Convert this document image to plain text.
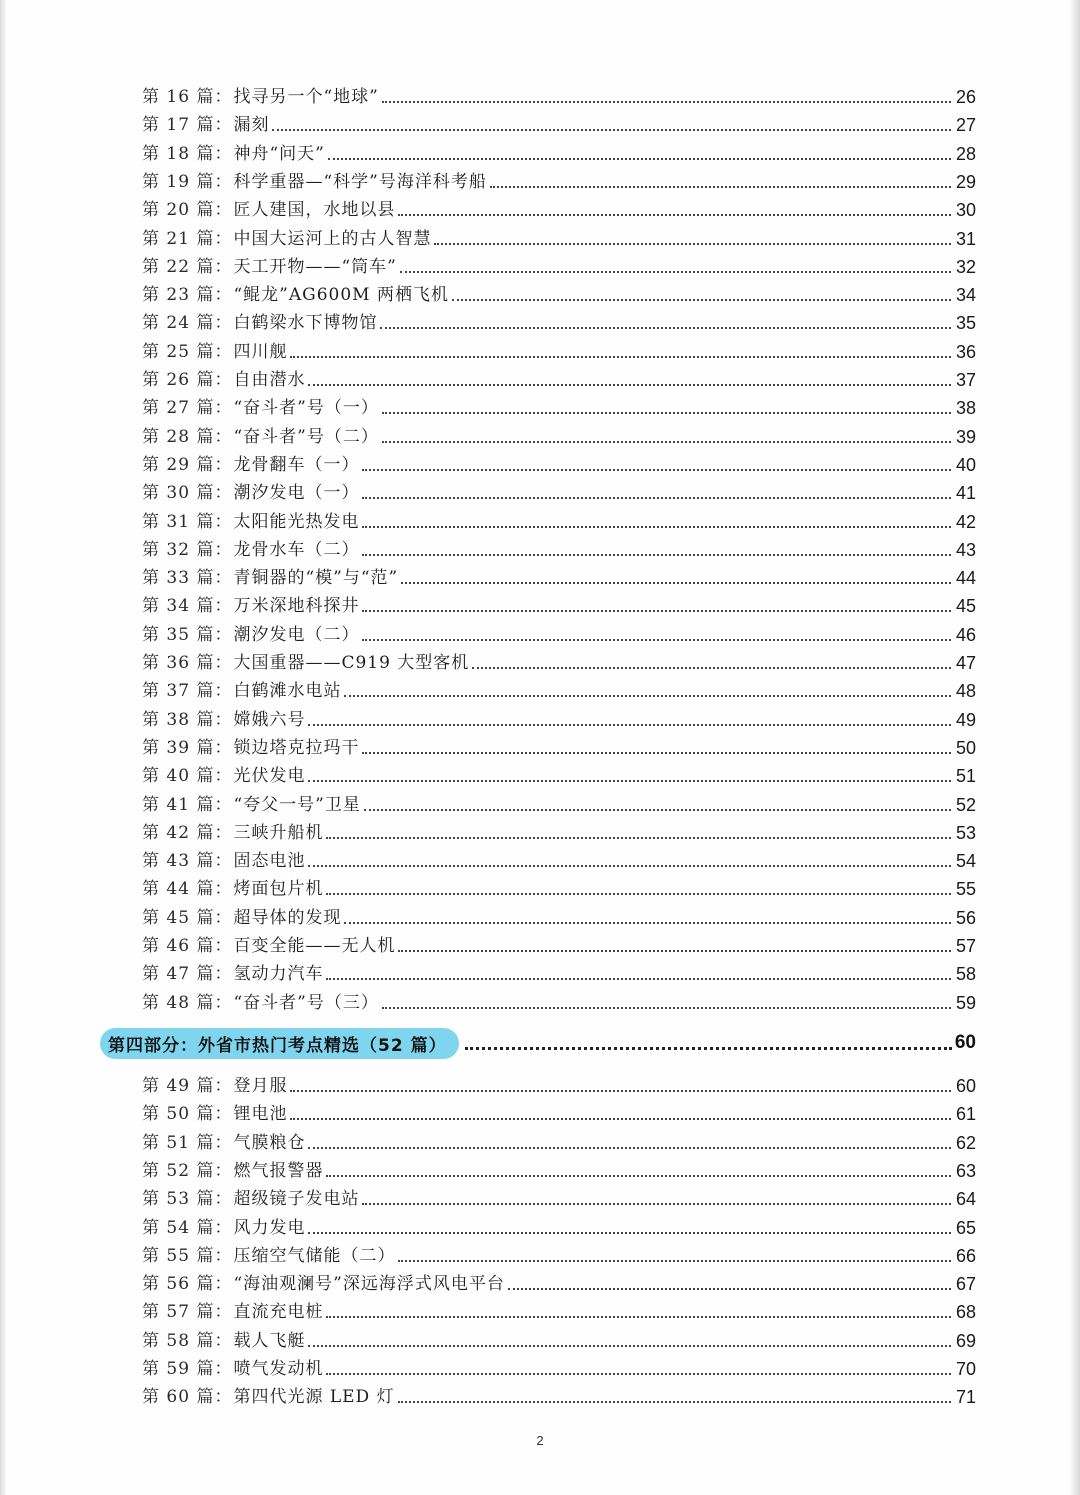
第 16 篇 ： 找寻另一个“地球”	26
第 17 篇 ： 漏刻	27
第 18 篇 ： 神舟“问天”	28
第 19 篇 ： 科学重器—“科学”号海洋科考船	29
第 20 篇 ： 匠人建国，水地以县	30
第 21 篇 ： 中国大运河上的古人智慧	31
第 22 篇 ： 天工开物——“筒车”	32
第 23 篇 ： “鲲龙”AG600M 两栖飞机	34
第 24 篇 ： 白鹤梁水下博物馆	35
第 25 篇 ： 四川舰	36
第 26 篇 ： 自由潜水	37
第 27 篇 ： “奋斗者”号（一）	38
第 28 篇 ： “奋斗者”号（二）	39
第 29 篇 ： 龙骨翻车（一）	40
第 30 篇 ： 潮汐发电（一）	41
第 31 篇 ： 太阳能光热发电	42
第 32 篇 ： 龙骨水车（二）	43
第 33 篇 ： 青铜器的“模”与“范”	44
第 34 篇 ： 万米深地科探井	45
第 35 篇 ： 潮汐发电（二）	46
第 36 篇 ： 大国重器——C919 大型客机	47
第 37 篇 ： 白鹤滩水电站	48
第 38 篇 ： 嫦娥六号	49
第 39 篇 ： 锁边塔克拉玛干	50
第 40 篇 ： 光伏发电	51
第 41 篇 ： “夸父一号”卫星	52
第 42 篇 ： 三峡升船机	53
第 43 篇 ： 固态电池	54
第 44 篇 ： 烤面包片机	55
第 45 篇 ： 超导体的发现	56
第 46 篇 ： 百变全能——无人机	57
第 47 篇 ： 氢动力汽车	58
第 48 篇 ： “奋斗者”号（三）	59
第四部分：外省市热门考点精选（52 篇）	60
第 49 篇 ： 登月服	60
第 50 篇 ： 锂电池	61
第 51 篇 ： 气膜粮仓	62
第 52 篇 ： 燃气报警器	63
第 53 篇 ： 超级镜子发电站	64
第 54 篇 ： 风力发电	65
第 55 篇 ： 压缩空气储能（二）	66
第 56 篇 ： “海油观澜号”深远海浮式风电平台	67
第 57 篇 ： 直流充电桩	68
第 58 篇 ： 载人飞艇	69
第 59 篇 ： 喷气发动机	70
第 60 篇 ： 第四代光源 LED 灯	71
2
